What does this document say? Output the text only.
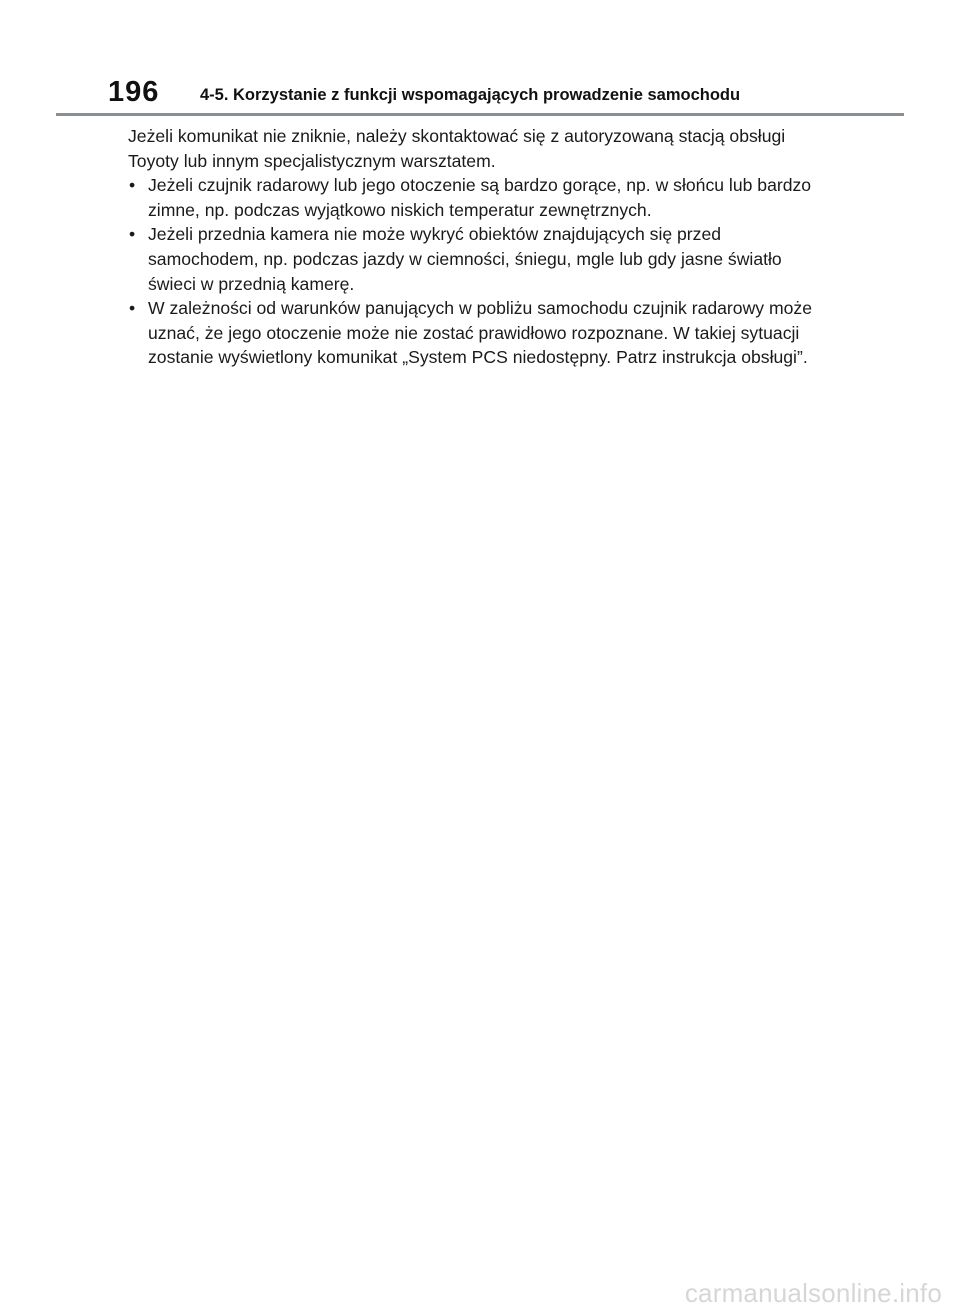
196 4-5. Korzystanie z funkcji wspomagających prowadzenie samochodu

Jeżeli komunikat nie zniknie, należy skontaktować się z autoryzowaną stacją obsługi Toyoty lub innym specjalistycznym warsztatem.

• Jeżeli czujnik radarowy lub jego otoczenie są bardzo gorące, np. w słońcu lub bardzo zimne, np. podczas wyjątkowo niskich temperatur zewnętrznych.
• Jeżeli przednia kamera nie może wykryć obiektów znajdujących się przed samochodem, np. podczas jazdy w ciemności, śniegu, mgle lub gdy jasne światło świeci w przednią kamerę.
• W zależności od warunków panujących w pobliżu samochodu czujnik radarowy może uznać, że jego otoczenie może nie zostać prawidłowo rozpoznane. W takiej sytuacji zostanie wyświetlony komunikat „System PCS niedostępny. Patrz instrukcja obsługi”.
carmanualsonline.info
